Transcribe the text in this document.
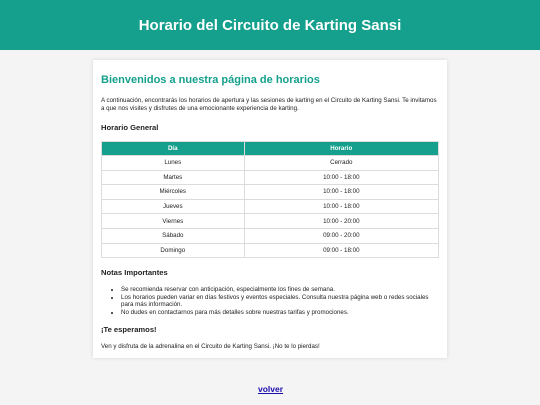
Horario del Circuito de Karting Sansi
Bienvenidos a nuestra página de horarios

A continuación, encontrarás los horarios de apertura y las sesiones de karting en el Circuito de Karting Sansi. Te invitamos a que nos visites y disfrutes de una emocionante experiencia de karting.

Horario General
Día	Horario
Lunes	Cerrado
Martes	10:00 - 18:00
Miércoles	10:00 - 18:00
Jueves	10:00 - 18:00
Viernes	10:00 - 20:00
Sábado	09:00 - 20:00
Domingo	09:00 - 18:00
Notas Importantes
• Se recomienda reservar con anticipación, especialmente los fines de semana.
• Los horarios pueden variar en días festivos y eventos especiales. Consulta nuestra página web o redes sociales para más información.
• No dudes en contactarnos para más detalles sobre nuestras tarifas y promociones.
¡Te esperamos!

Ven y disfruta de la adrenalina en el Circuito de Karting Sansi. ¡No te lo pierdas!

volver
